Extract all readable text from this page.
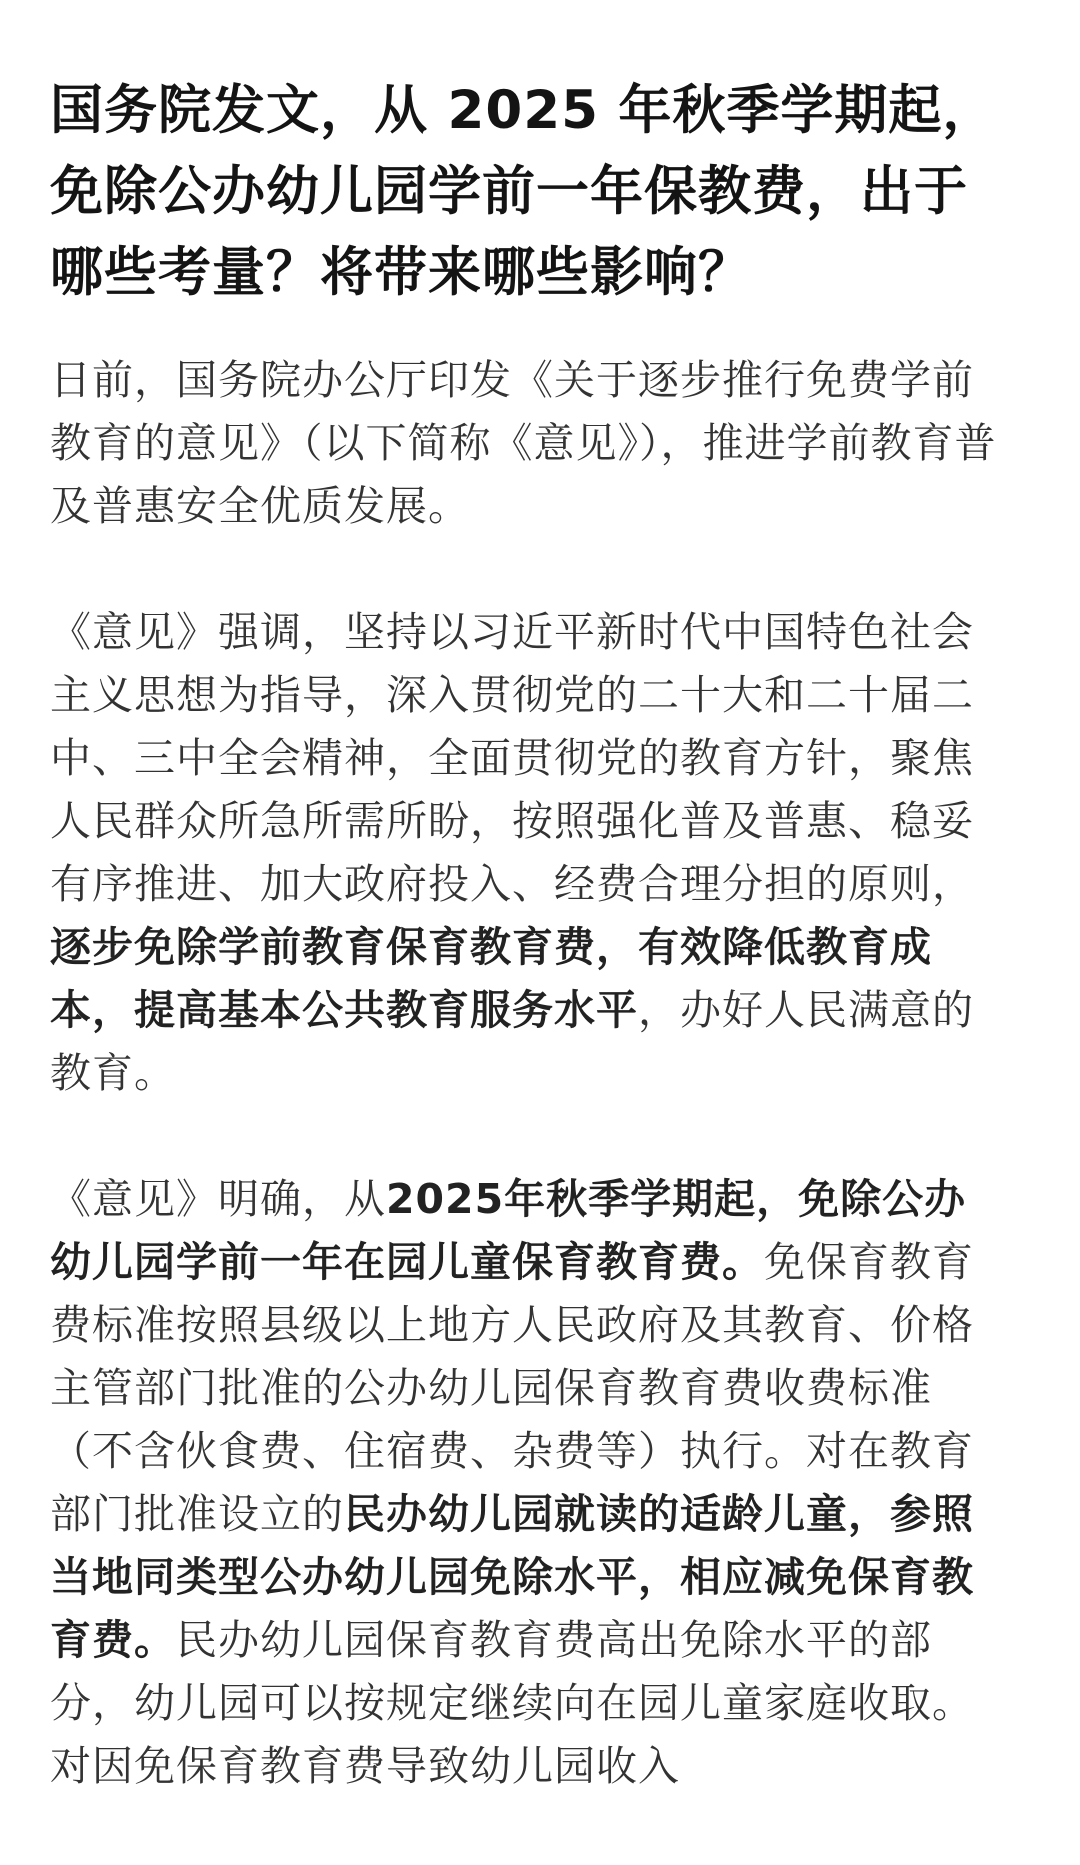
国务院发文，从 2025 年秋季学期起，免除公办幼儿园学前一年保教费，出于哪些考量？将带来哪些影响？

日前，国务院办公厅印发《关于逐步推行免费学前教育的意见》（以下简称《意见》），推进学前教育普及普惠安全优质发展。

《意见》强调，坚持以习近平新时代中国特色社会主义思想为指导，深入贯彻党的二十大和二十届二中、三中全会精神，全面贯彻党的教育方针，聚焦人民群众所急所需所盼，按照强化普及普惠、稳妥有序推进、加大政府投入、经费合理分担的原则，逐步免除学前教育保育教育费，有效降低教育成本，提高基本公共教育服务水平，办好人民满意的教育。

《意见》明确，从2025年秋季学期起，免除公办幼儿园学前一年在园儿童保育教育费。免保育教育费标准按照县级以上地方人民政府及其教育、价格主管部门批准的公办幼儿园保育教育费收费标准（不含伙食费、住宿费、杂费等）执行。对在教育部门批准设立的民办幼儿园就读的适龄儿童，参照当地同类型公办幼儿园免除水平，相应减免保育教育费。民办幼儿园保育教育费高出免除水平的部分，幼儿园可以按规定继续向在园儿童家庭收取。对因免保育教育费导致幼儿园收入
